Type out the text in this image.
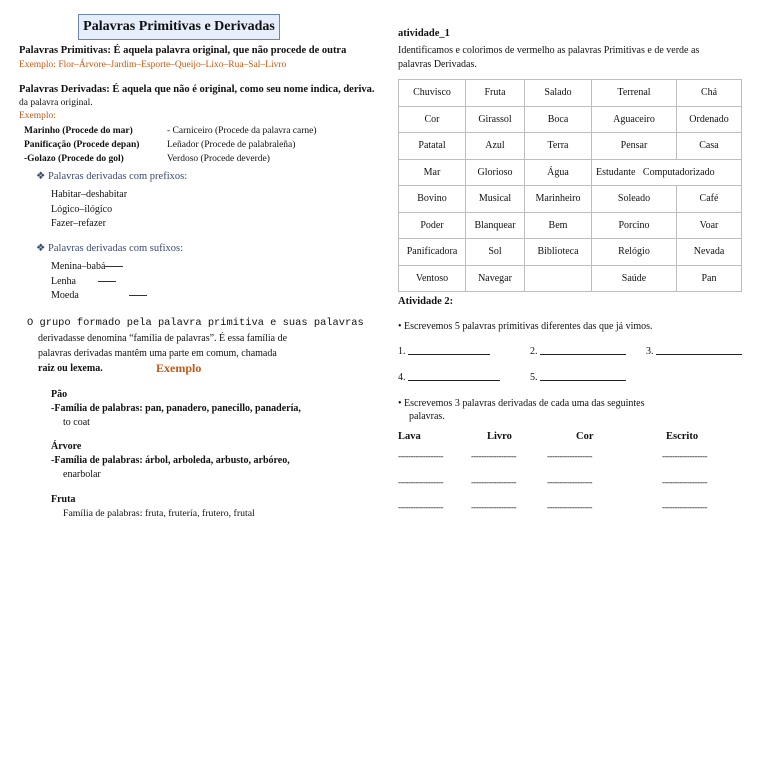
Palavras Primitivas e Derivadas
Palavras Primitivas: É aquela palavra original, que não procede de outra
Exemplo: Flor–Árvore–Jardim–Esporte–Queijo–Lixo–Rua–Sal–Livro
Palavras Derivadas: É aquela que não é original, como seu nome indica, deriva.
da palavra original.
Exemplo:
Marinho (Procede do mar)	- Carniceiro (Procede da palavra carne)
Panificação (Procede depan)	Leñador (Procede de palabraleña)
-Golazo (Procede do gol)	Verdoso (Procede deverde)
❖ Palavras derivadas com prefixos:
Habitar–deshabitar
Lógico–ilógico
Fazer–refazer
❖ Palavras derivadas com sufixos:
Menina–babá
Lenha
Moeda
O grupo formado pela palavra primitiva e suas palavras
derivadasse denomina “família de palavras”. É essa família de
palavras derivadas mantêm uma parte em comum, chamada
raiz ou lexema.	Exemplo
Pão
-Família de palabras: pan, panadero, panecillo, panadería,
to coat
Árvore
-Família de palabras: árbol, arboleda, arbusto, arbóreo,
enarbolar
Fruta
Família de palabras: fruta, frutería, frutero, frutal
atividade_1
Identificamos e colorimos de vermelho as palavras Primitivas e de verde as palavras Derivadas.
Chuvisco	Fruta	Salado	Terrenal	Chá
Cor	Girassol	Boca	Aguaceiro	Ordenado
Patatal	Azul	Terra	Pensar	Casa
Mar	Glorioso	Água	Estudante   Computadorizado	
Bovino	Musical	Marinheiro	Soleado	Café
Poder	Blanquear	Bem	Porcino	Voar
Panificadora	Sol	Biblioteca	Relógio	Nevada
Ventoso	Navegar		Saúde	Pan
Atividade 2:
• Escrevemos 5 palavras primitivas diferentes das que já vimos.
1.	2.	3.
4.	5.
• Escrevemos 3 palavras derivadas de cada uma das seguintes
palavras.
Lava	Livro	Cor	Escrito
------------------	------------------	------------------	------------------
------------------	------------------	------------------	------------------
------------------	------------------	------------------	------------------
